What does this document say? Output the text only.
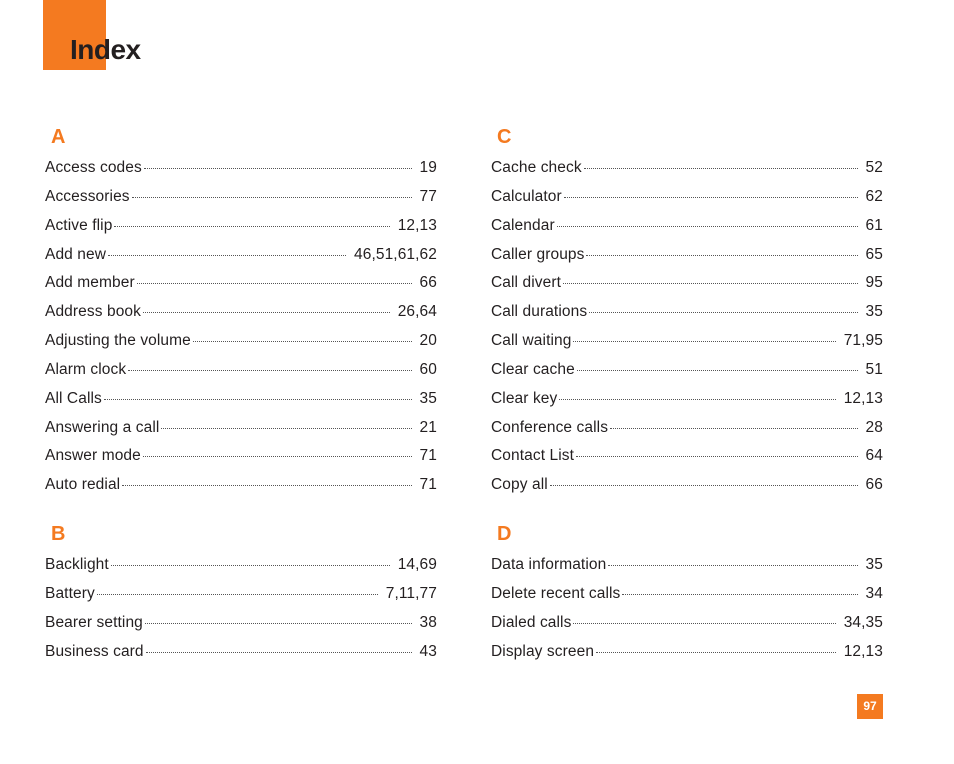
Index
A
Access codes	19
Accessories	77
Active flip	12,13
Add new	46,51,61,62
Add member	66
Address book	26,64
Adjusting the volume	20
Alarm clock	60
All Calls	35
Answering a call	21
Answer mode	71
Auto redial	71
B
Backlight	14,69
Battery	7,11,77
Bearer setting	38
Business card	43
C
Cache check	52
Calculator	62
Calendar	61
Caller groups	65
Call divert	95
Call durations	35
Call waiting	71,95
Clear cache	51
Clear key	12,13
Conference calls	28
Contact List	64
Copy all	66
D
Data information	35
Delete recent calls	34
Dialed calls	34,35
Display screen	12,13
97
